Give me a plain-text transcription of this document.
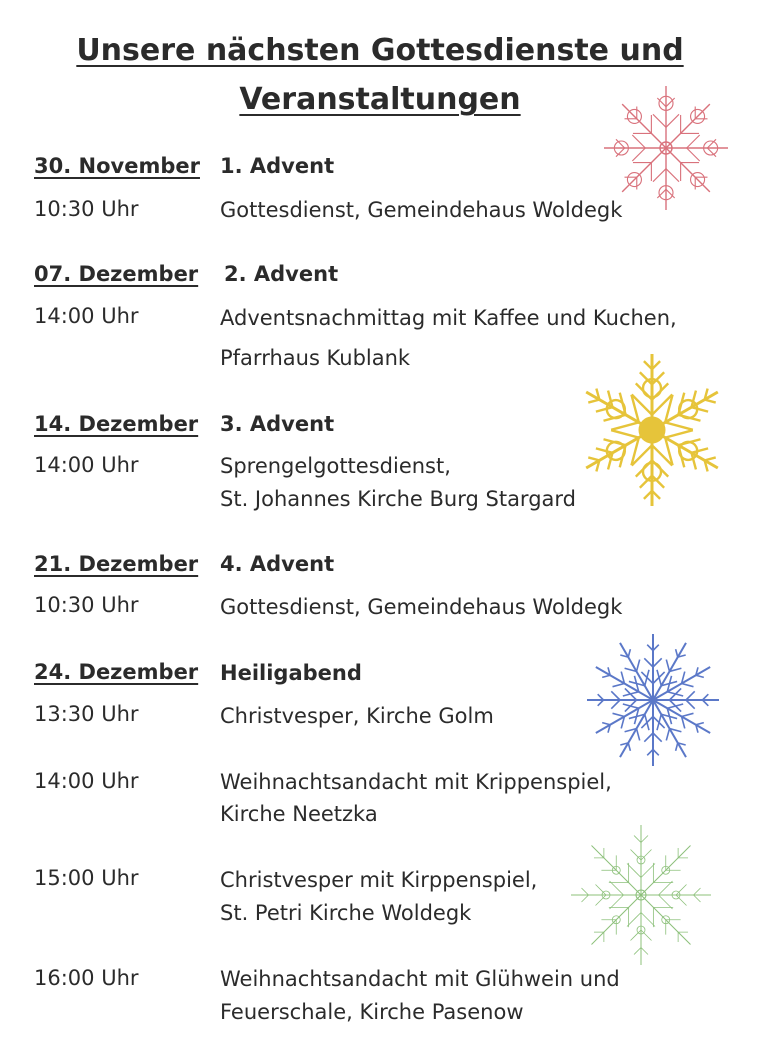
Unsere nächsten Gottesdienste und
Veranstaltungen
30. November 1. Advent
10:30 Uhr	Gottesdienst, Gemeindehaus Woldegk
07. Dezember 2. Advent
14:00 Uhr	Adventsnachmittag mit Kaffee und Kuchen,
Pfarrhaus Kublank
14. Dezember 3. Advent
14:00 Uhr	Sprengelgottesdienst,
St. Johannes Kirche Burg Stargard
21. Dezember 4. Advent
10:30 Uhr	Gottesdienst, Gemeindehaus Woldegk
24. Dezember Heiligabend
13:30 Uhr	Christvesper, Kirche Golm
14:00 Uhr	Weihnachtsandacht mit Krippenspiel,
Kirche Neetzka
15:00 Uhr	Christvesper mit Kirppenspiel,
St. Petri Kirche Woldegk
16:00 Uhr	Weihnachtsandacht mit Glühwein und
Feuerschale, Kirche Pasenow
